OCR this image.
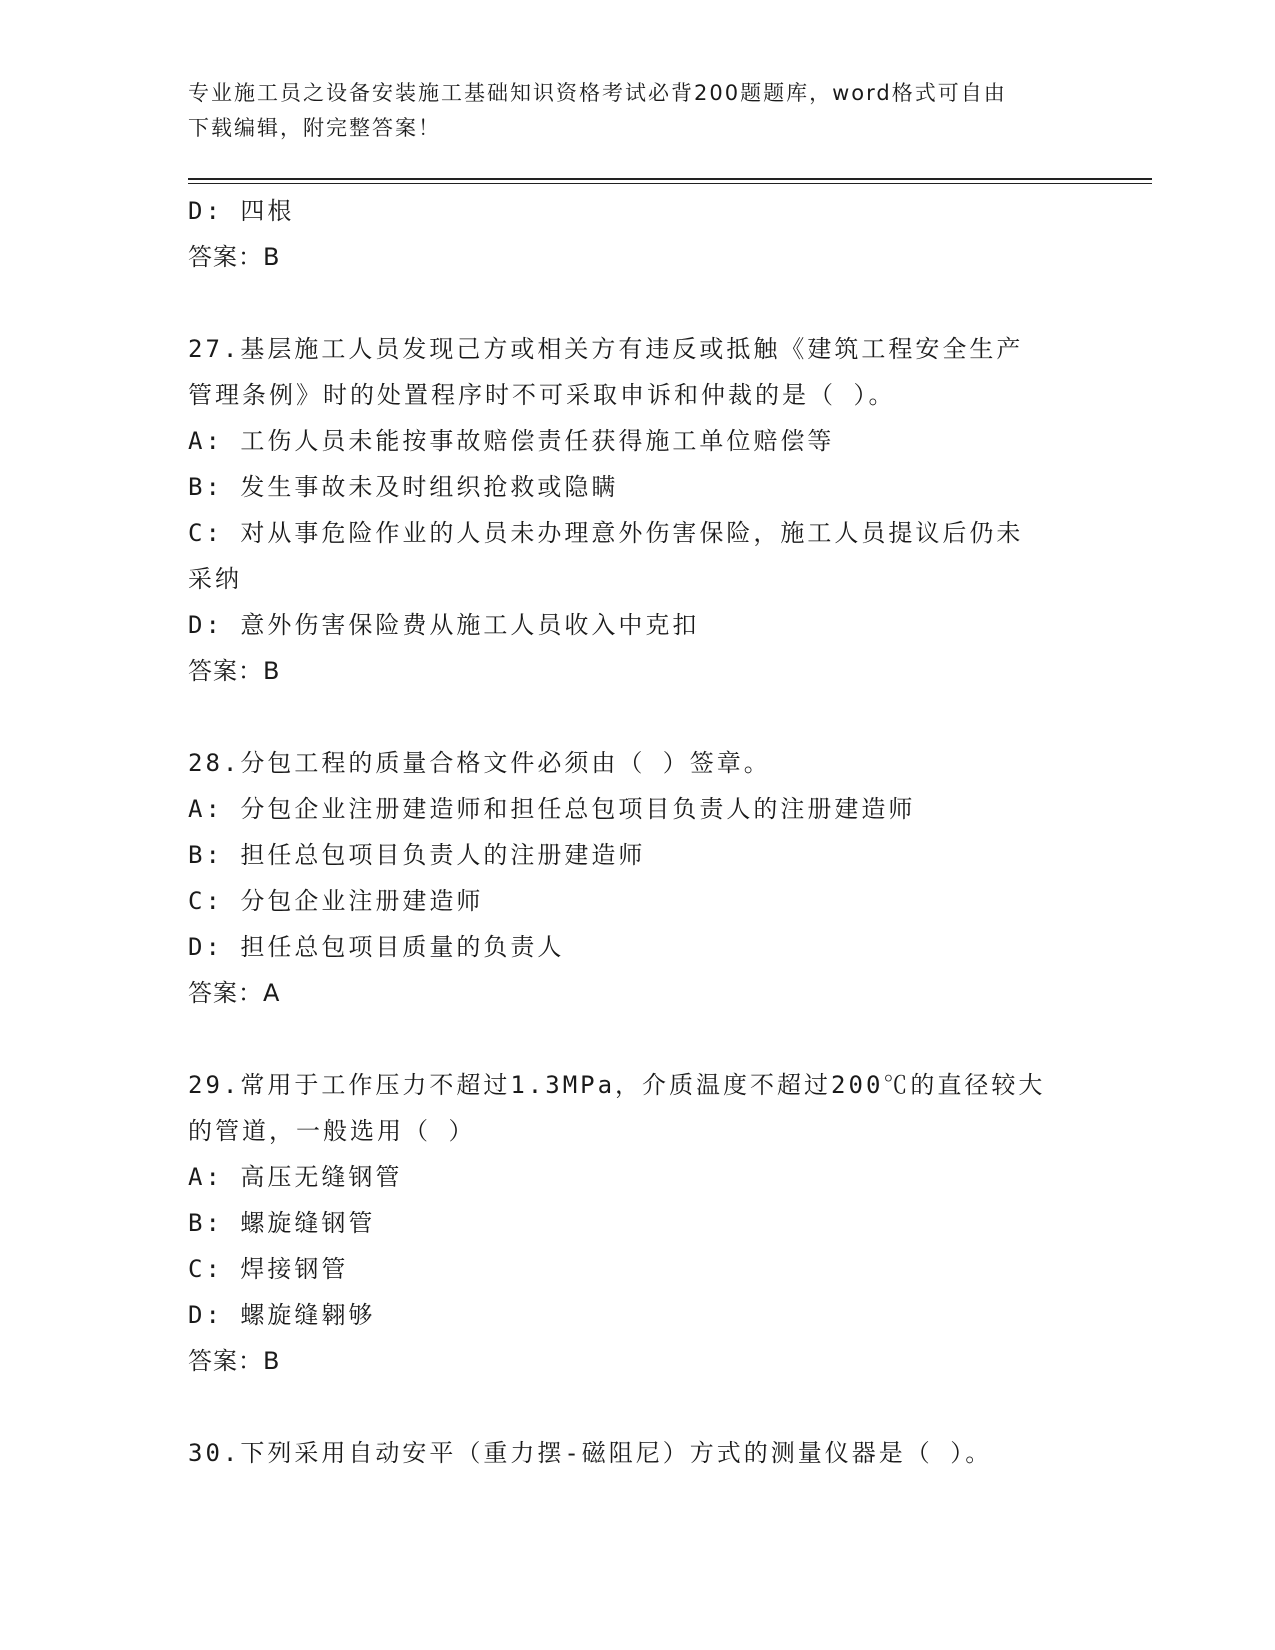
专业施工员之设备安装施工基础知识资格考试必背200题题库，word格式可自由
下载编辑，附完整答案！
D: 四根
答案：B
27.基层施工人员发现己方或相关方有违反或抵触《建筑工程安全生产
管理条例》时的处置程序时不可采取申诉和仲裁的是（ ）。
A: 工伤人员未能按事故赔偿责任获得施工单位赔偿等
B: 发生事故未及时组织抢救或隐瞒
C: 对从事危险作业的人员未办理意外伤害保险，施工人员提议后仍未
采纳
D: 意外伤害保险费从施工人员收入中克扣
答案：B
28.分包工程的质量合格文件必须由（ ）签章。
A: 分包企业注册建造师和担任总包项目负责人的注册建造师
B: 担任总包项目负责人的注册建造师
C: 分包企业注册建造师
D: 担任总包项目质量的负责人
答案：A
29.常用于工作压力不超过1.3MPa，介质温度不超过200℃的直径较大
的管道，一般选用（ ）
A: 高压无缝钢管
B: 螺旋缝钢管
C: 焊接钢管
D: 螺旋缝翱够
答案：B
30.下列采用自动安平（重力摆-磁阻尼）方式的测量仪器是（ ）。
